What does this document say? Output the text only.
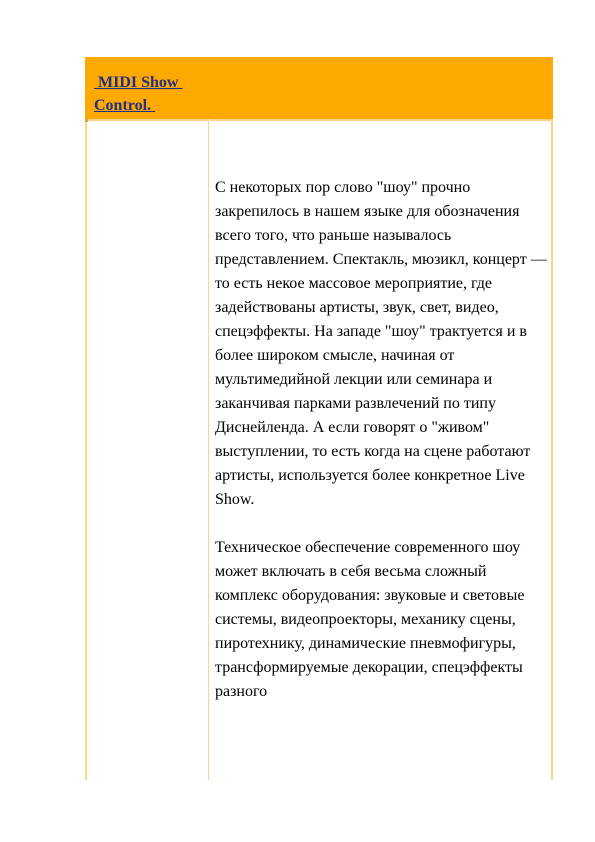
MIDI Show
Control.

С некоторых пор слово "шоу" прочно закрепилось в нашем языке для обозначения всего того, что раньше называлось представлением. Спектакль, мюзикл, концерт — то есть некое массовое мероприятие, где задействованы артисты, звук, свет, видео, спецэффекты. На западе "шоу" трактуется и в более широком смысле, начиная от мультимедийной лекции или семинара и заканчивая парками развлечений по типу Диснейленда. А если говорят о "живом" выступлении, то есть когда на сцене работают артисты, используется более конкретное Live Show.

Техническое обеспечение современного шоу может включать в себя весьма сложный комплекс оборудования: звуковые и световые системы, видеопроекторы, механику сцены, пиротехнику, динамические пневмофигуры, трансформируемые декорации, спецэффекты разного
